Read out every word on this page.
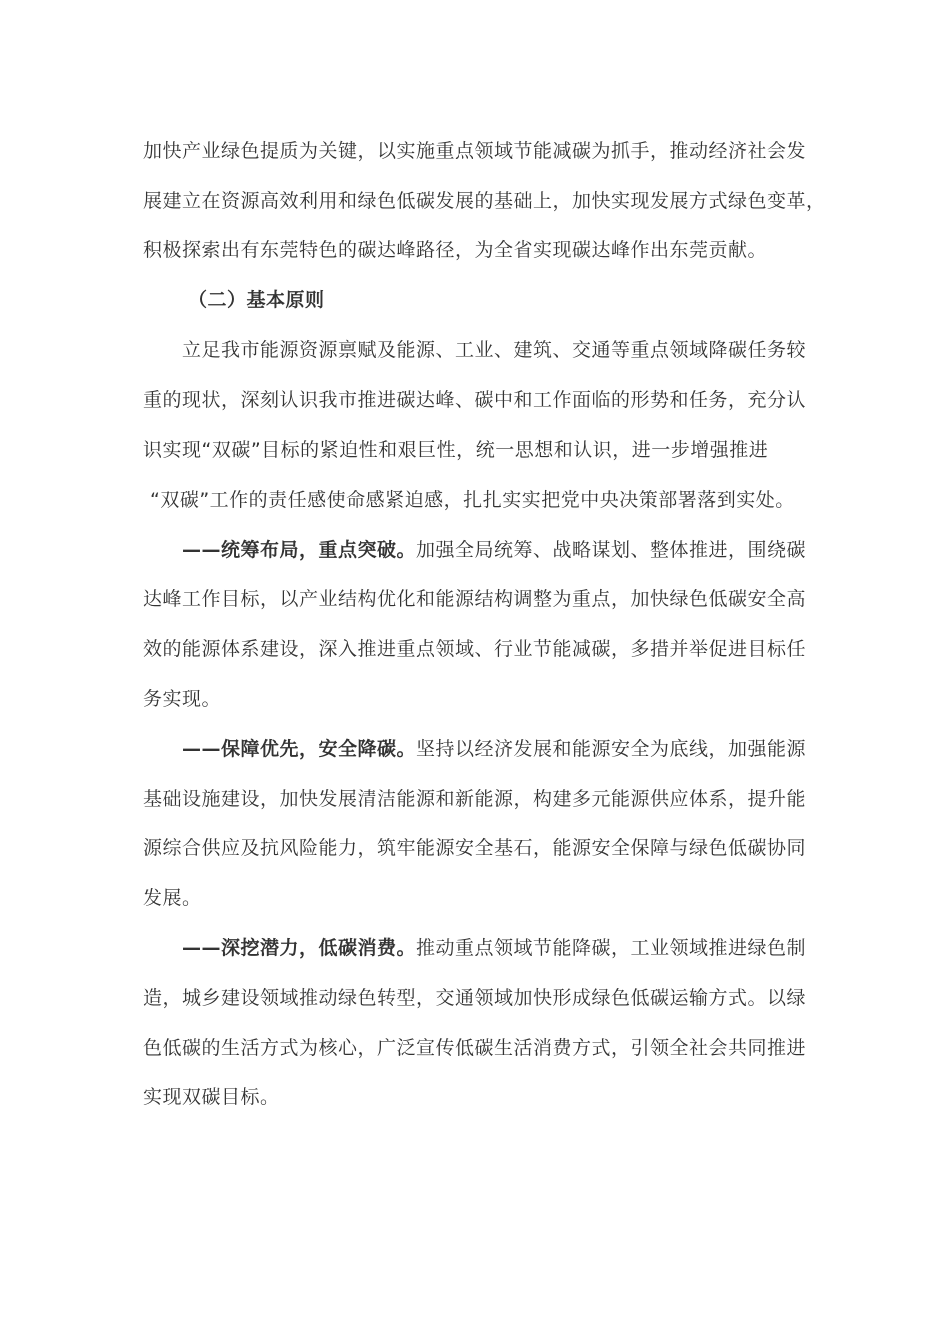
加快产业绿色提质为关键，以实施重点领域节能减碳为抓手，推动经济社会发
展建立在资源高效利用和绿色低碳发展的基础上，加快实现发展方式绿色变革，
积极探索出有东莞特色的碳达峰路径，为全省实现碳达峰作出东莞贡献。
（二）基本原则
立足我市能源资源禀赋及能源、工业、建筑、交通等重点领域降碳任务较
重的现状，深刻认识我市推进碳达峰、碳中和工作面临的形势和任务，充分认
识实现“双碳”目标的紧迫性和艰巨性，统一思想和认识，进一步增强推进
“双碳”工作的责任感使命感紧迫感，扎扎实实把党中央决策部署落到实处。
——统筹布局，重点突破。加强全局统筹、战略谋划、整体推进，围绕碳
达峰工作目标，以产业结构优化和能源结构调整为重点，加快绿色低碳安全高
效的能源体系建设，深入推进重点领域、行业节能减碳，多措并举促进目标任
务实现。
——保障优先，安全降碳。坚持以经济发展和能源安全为底线，加强能源
基础设施建设，加快发展清洁能源和新能源，构建多元能源供应体系，提升能
源综合供应及抗风险能力，筑牢能源安全基石，能源安全保障与绿色低碳协同
发展。
——深挖潜力，低碳消费。推动重点领域节能降碳，工业领域推进绿色制
造，城乡建设领域推动绿色转型，交通领域加快形成绿色低碳运输方式。以绿
色低碳的生活方式为核心，广泛宣传低碳生活消费方式，引领全社会共同推进
实现双碳目标。
